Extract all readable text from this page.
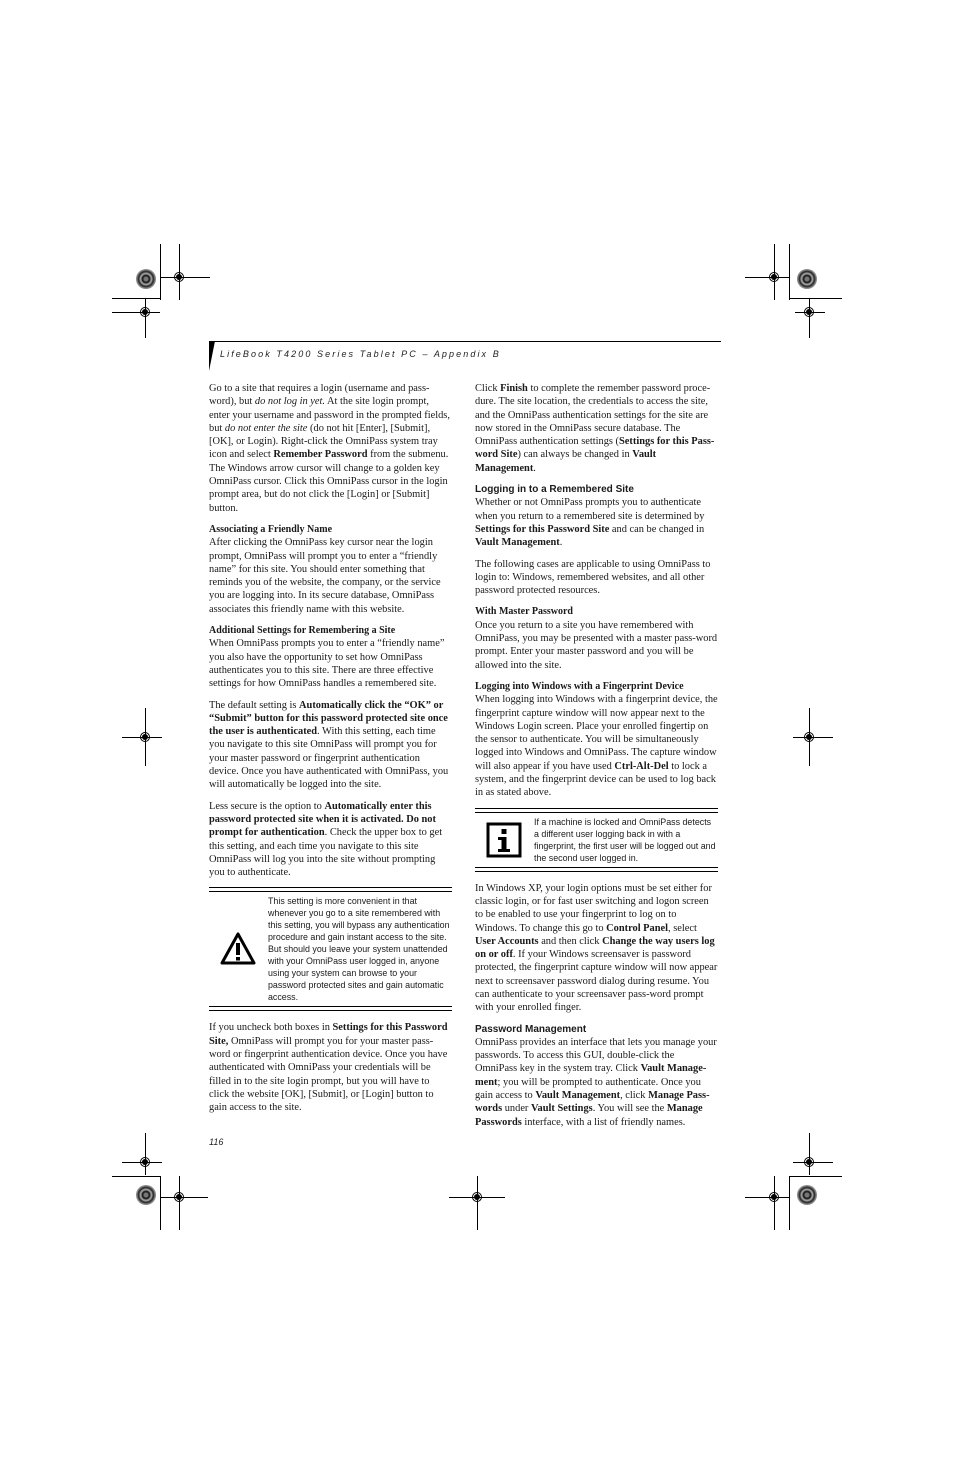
LifeBook T4200 Series Tablet PC – Appendix B

Go to a site that requires a login (username and pass-word), but do not log in yet. At the site login prompt, enter your username and password in the prompted fields, but do not enter the site (do not hit [Enter], [Submit], [OK], or Login). Right-click the OmniPass system tray icon and select Remember Password from the submenu. The Windows arrow cursor will change to a golden key OmniPass cursor. Click this OmniPass cursor in the login prompt area, but do not click the [Login] or [Submit] button.

Associating a Friendly Name

After clicking the OmniPass key cursor near the login prompt, OmniPass will prompt you to enter a “friendly name” for this site. You should enter something that reminds you of the website, the company, or the service you are logging into. In its secure database, OmniPass associates this friendly name with this website.

Additional Settings for Remembering a Site

When OmniPass prompts you to enter a “friendly name” you also have the opportunity to set how OmniPass authenticates you to this site. There are three effective settings for how OmniPass handles a remembered site.

The default setting is Automatically click the “OK” or “Submit” button for this password protected site once the user is authenticated. With this setting, each time you navigate to this site OmniPass will prompt you for your master password or fingerprint authentication device. Once you have authenticated with OmniPass, you will automatically be logged into the site.

Less secure is the option to Automatically enter this password protected site when it is activated. Do not prompt for authentication. Check the upper box to get this setting, and each time you navigate to this site OmniPass will log you into the site without prompting you to authenticate.

This setting is more convenient in that whenever you go to a site remembered with this setting, you will bypass any authentication procedure and gain instant access to the site. But should you leave your system unattended with your OmniPass user logged in, anyone using your system can browse to your password protected sites and gain automatic access.

If you uncheck both boxes in Settings for this Password Site, OmniPass will prompt you for your master pass-word or fingerprint authentication device. Once you have authenticated with OmniPass your credentials will be filled in to the site login prompt, but you will have to click the website [OK], [Submit], or [Login] button to gain access to the site.

Click Finish to complete the remember password proce-dure. The site location, the credentials to access the site, and the OmniPass authentication settings for the site are now stored in the OmniPass secure database. The OmniPass authentication settings (Settings for this Pass-word Site) can always be changed in Vault Management.

Logging in to a Remembered Site

Whether or not OmniPass prompts you to authenticate when you return to a remembered site is determined by Settings for this Password Site and can be changed in Vault Management.

The following cases are applicable to using OmniPass to login to: Windows, remembered websites, and all other password protected resources.

With Master Password

Once you return to a site you have remembered with OmniPass, you may be presented with a master pass-word prompt. Enter your master password and you will be allowed into the site.

Logging into Windows with a Fingerprint Device

When logging into Windows with a fingerprint device, the fingerprint capture window will now appear next to the Windows Login screen. Place your enrolled fingertip on the sensor to authenticate. You will be simultaneously logged into Windows and OmniPass. The capture window will also appear if you have used Ctrl-Alt-Del to lock a system, and the fingerprint device can be used to log back in as stated above.

If a machine is locked and OmniPass detects a different user logging back in with a fingerprint, the first user will be logged out and the second user logged in.

In Windows XP, your login options must be set either for classic login, or for fast user switching and logon screen to be enabled to use your fingerprint to log on to Windows. To change this go to Control Panel, select User Accounts and then click Change the way users log on or off. If your Windows screensaver is password protected, the fingerprint capture window will now appear next to screensaver password dialog during resume. You can authenticate to your screensaver pass-word prompt with your enrolled finger.

Password Management

OmniPass provides an interface that lets you manage your passwords. To access this GUI, double-click the OmniPass key in the system tray. Click Vault Manage-ment; you will be prompted to authenticate. Once you gain access to Vault Management, click Manage Pass-words under Vault Settings. You will see the Manage Passwords interface, with a list of friendly names.

116
